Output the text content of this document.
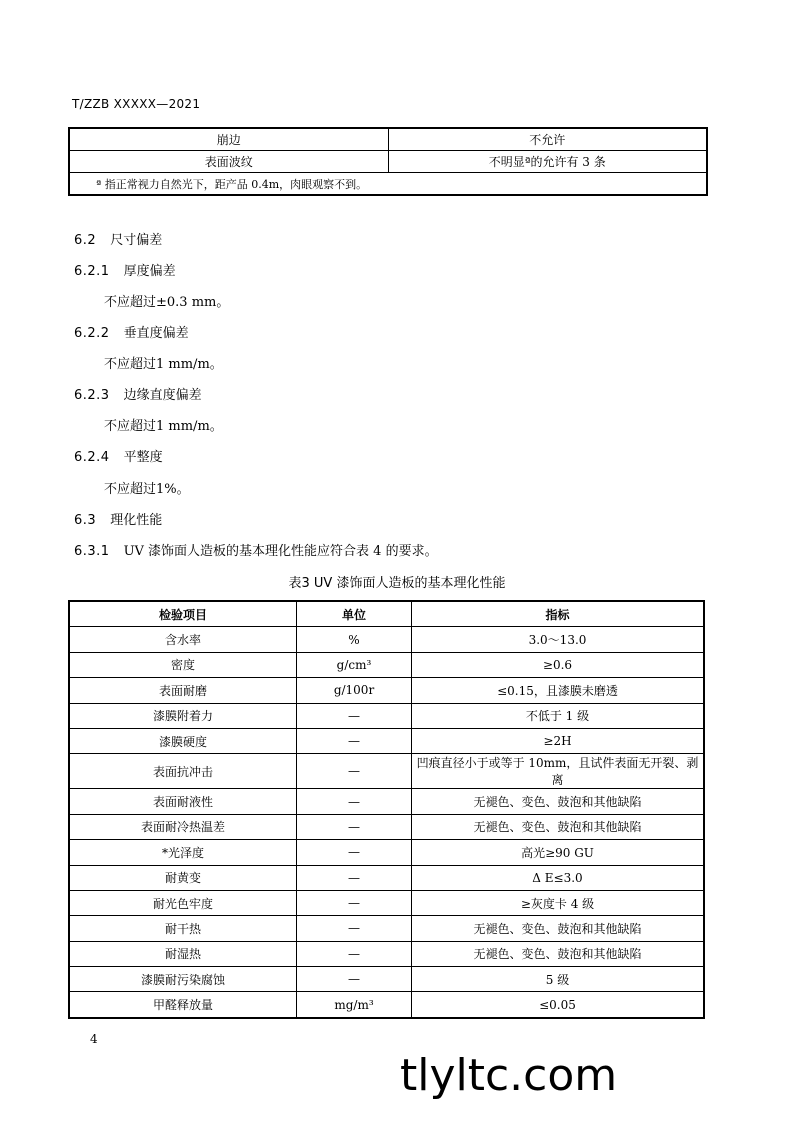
T/ZZB XXXXX—2021
崩边	不允许
表面波纹	不明显ª的允许有 3 条
ª 指正常视力自然光下，距产品 0.4m，肉眼观察不到。	
6.2 尺寸偏差
6.2.1 厚度偏差
不应超过±0.3 mm。
6.2.2 垂直度偏差
不应超过1 mm/m。
6.2.3 边缘直度偏差
不应超过1 mm/m。
6.2.4 平整度
不应超过1%。
6.3 理化性能
6.3.1 UV 漆饰面人造板的基本理化性能应符合表 4 的要求。
表3 UV 漆饰面人造板的基本理化性能
检验项目	单位	指标
含水率	%	3.0～13.0
密度	g/cm³	≥0.6
表面耐磨	g/100r	≤0.15，且漆膜未磨透
漆膜附着力	—	不低于 1 级
漆膜硬度	—	≥2H
表面抗冲击	—	凹痕直径小于或等于 10mm，且试件表面无开裂、剥离
表面耐液性	—	无褪色、变色、鼓泡和其他缺陷
表面耐冷热温差	—	无褪色、变色、鼓泡和其他缺陷
*光泽度	—	高光≥90 GU
耐黄变	—	Δ E≤3.0
耐光色牢度	—	≥灰度卡 4 级
耐干热	—	无褪色、变色、鼓泡和其他缺陷
耐湿热	—	无褪色、变色、鼓泡和其他缺陷
漆膜耐污染腐蚀	—	5 级
甲醛释放量	mg/m³	≤0.05
4
tlyltc.com
